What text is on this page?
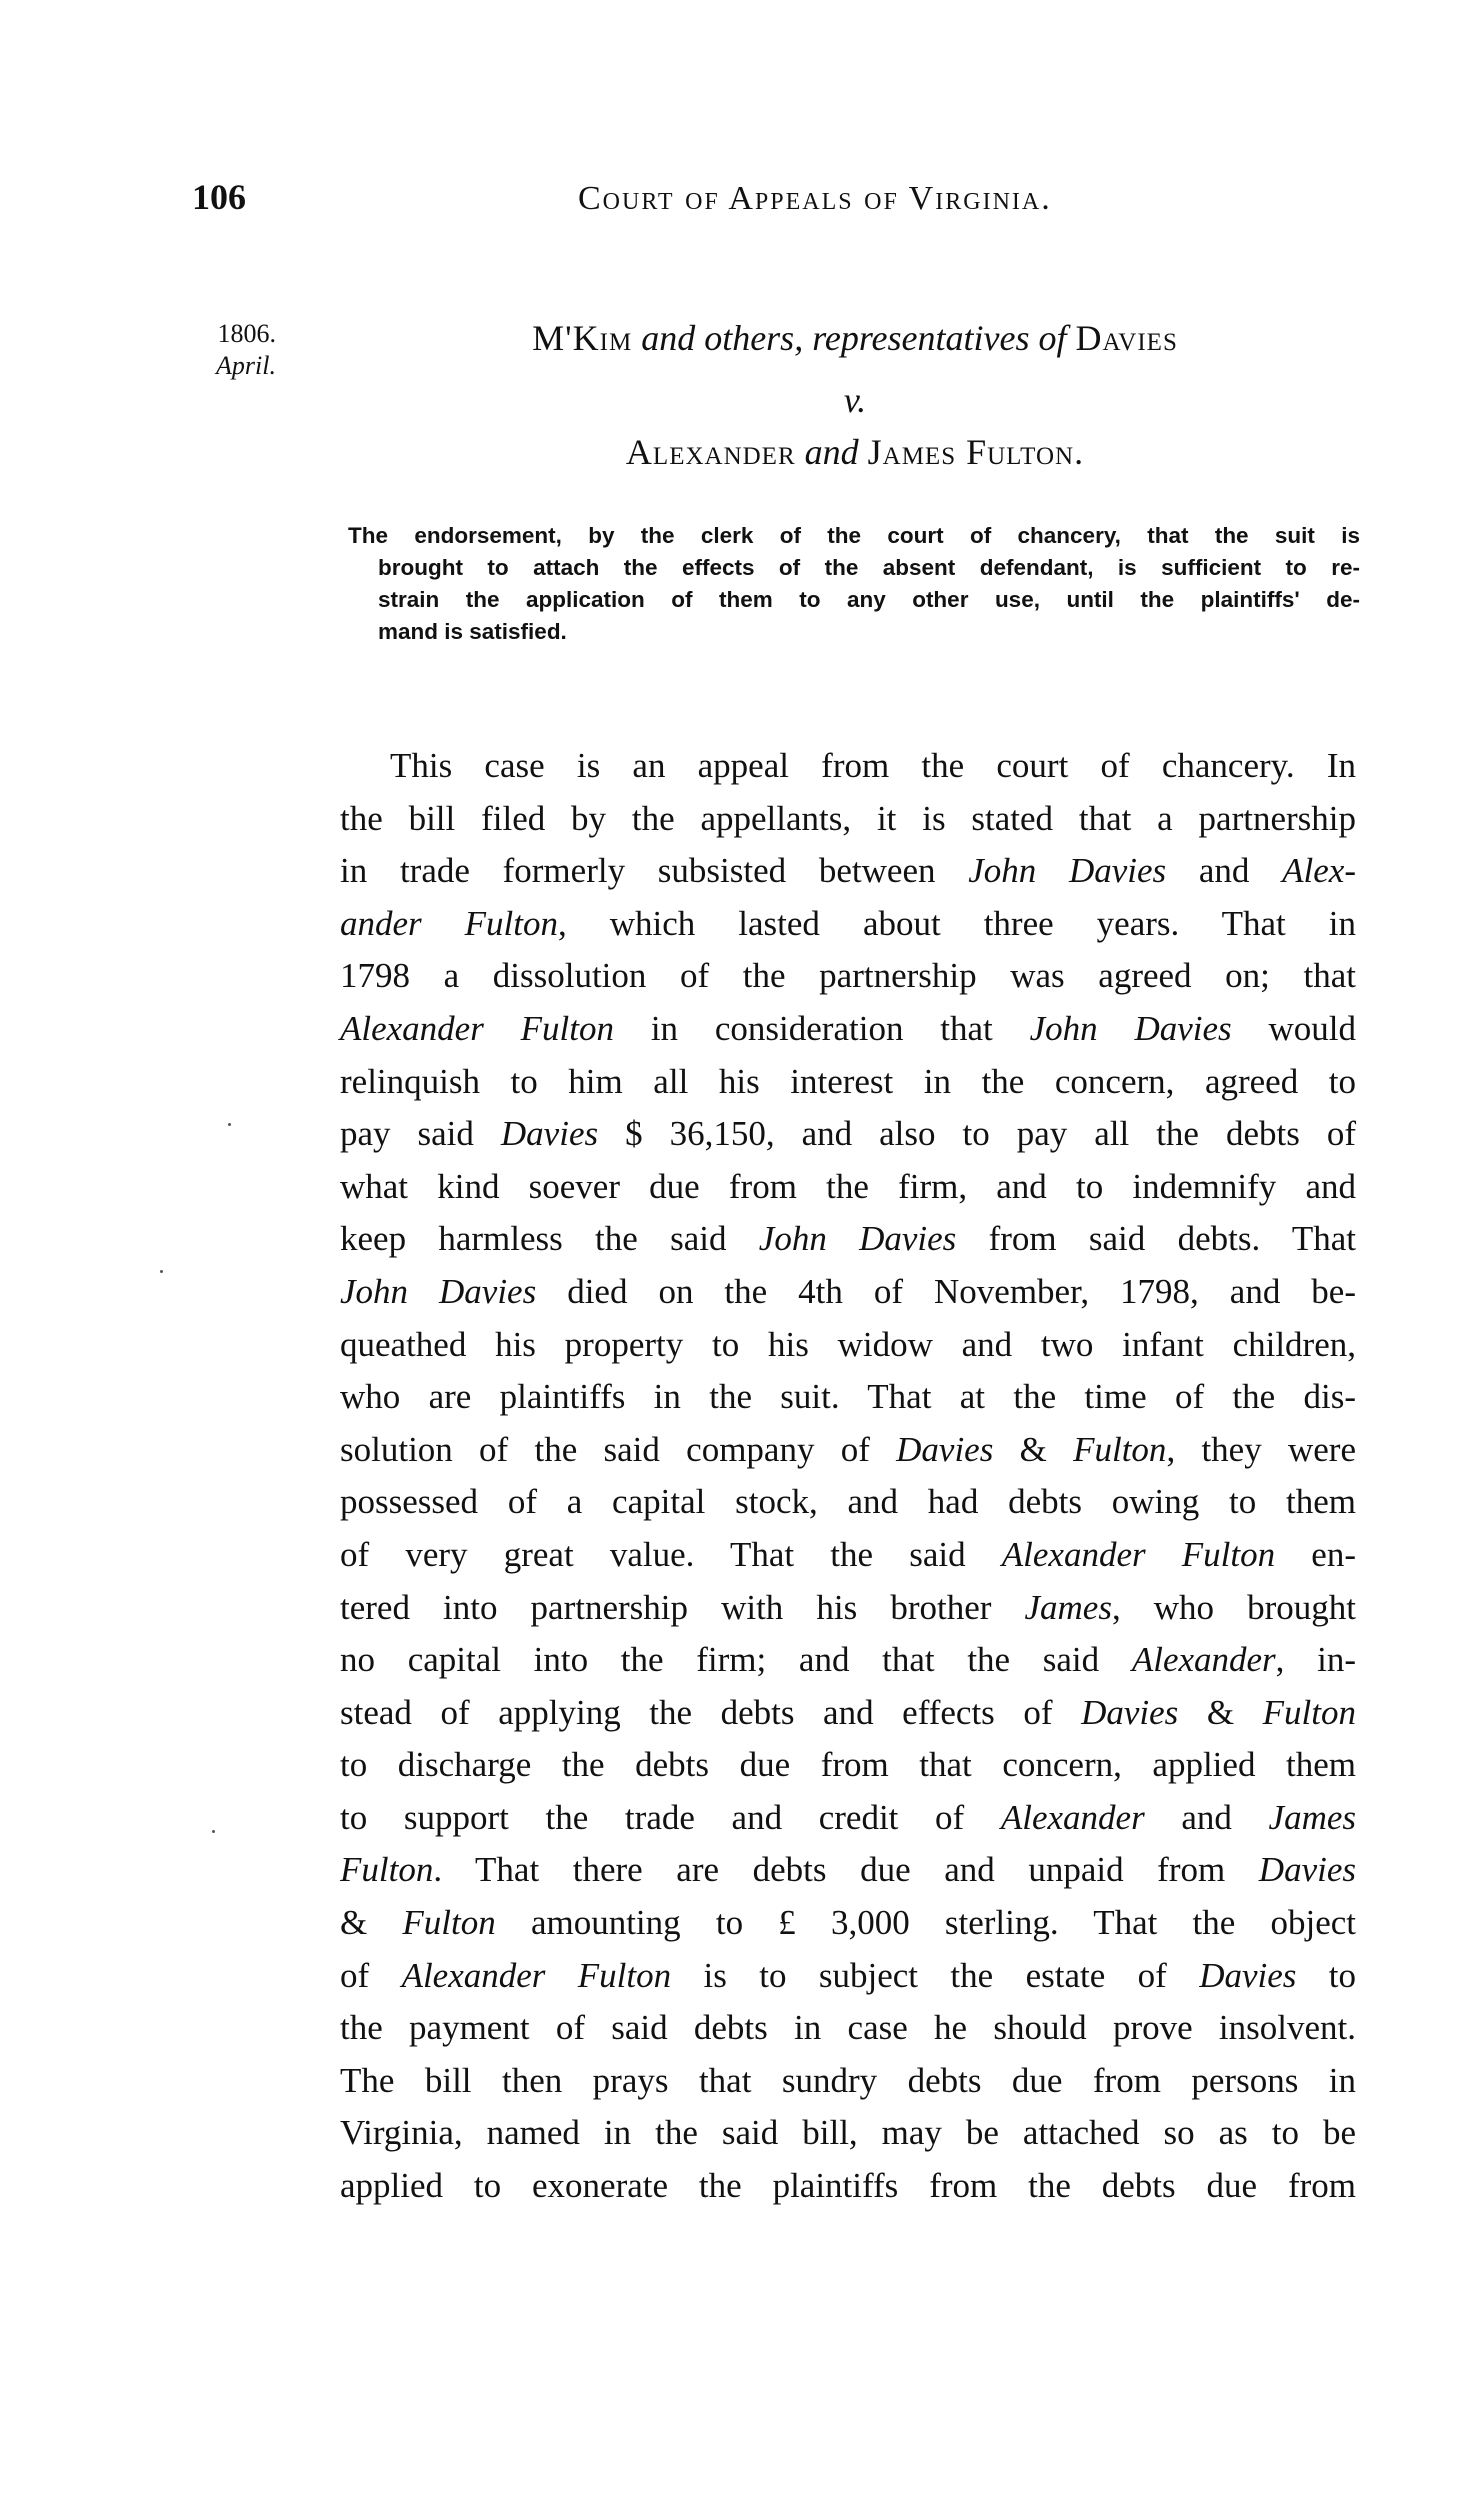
106	Court of Appeals of Virginia.
1806.
April.
M'Kim and others, representatives of Davies
v.
Alexander and James Fulton.
The endorsement, by the clerk of the court of chancery, that the suit is
brought to attach the effects of the absent defendant, is sufficient to re-
strain the application of them to any other use, until the plaintiffs' de-
mand is satisfied.
This case is an appeal from the court of chancery. In
the bill filed by the appellants, it is stated that a partnership
in trade formerly subsisted between John Davies and Alex-
ander Fulton, which lasted about three years. That in
1798 a dissolution of the partnership was agreed on; that
Alexander Fulton in consideration that John Davies would
relinquish to him all his interest in the concern, agreed to
pay said Davies $ 36,150, and also to pay all the debts of
what kind soever due from the firm, and to indemnify and
keep harmless the said John Davies from said debts. That
John Davies died on the 4th of November, 1798, and be-
queathed his property to his widow and two infant children,
who are plaintiffs in the suit. That at the time of the dis-
solution of the said company of Davies & Fulton, they were
possessed of a capital stock, and had debts owing to them
of very great value. That the said Alexander Fulton en-
tered into partnership with his brother James, who brought
no capital into the firm; and that the said Alexander, in-
stead of applying the debts and effects of Davies & Fulton
to discharge the debts due from that concern, applied them
to support the trade and credit of Alexander and James
Fulton. That there are debts due and unpaid from Davies
& Fulton amounting to £ 3,000 sterling. That the object
of Alexander Fulton is to subject the estate of Davies to
the payment of said debts in case he should prove insolvent.
The bill then prays that sundry debts due from persons in
Virginia, named in the said bill, may be attached so as to be
applied to exonerate the plaintiffs from the debts due from
